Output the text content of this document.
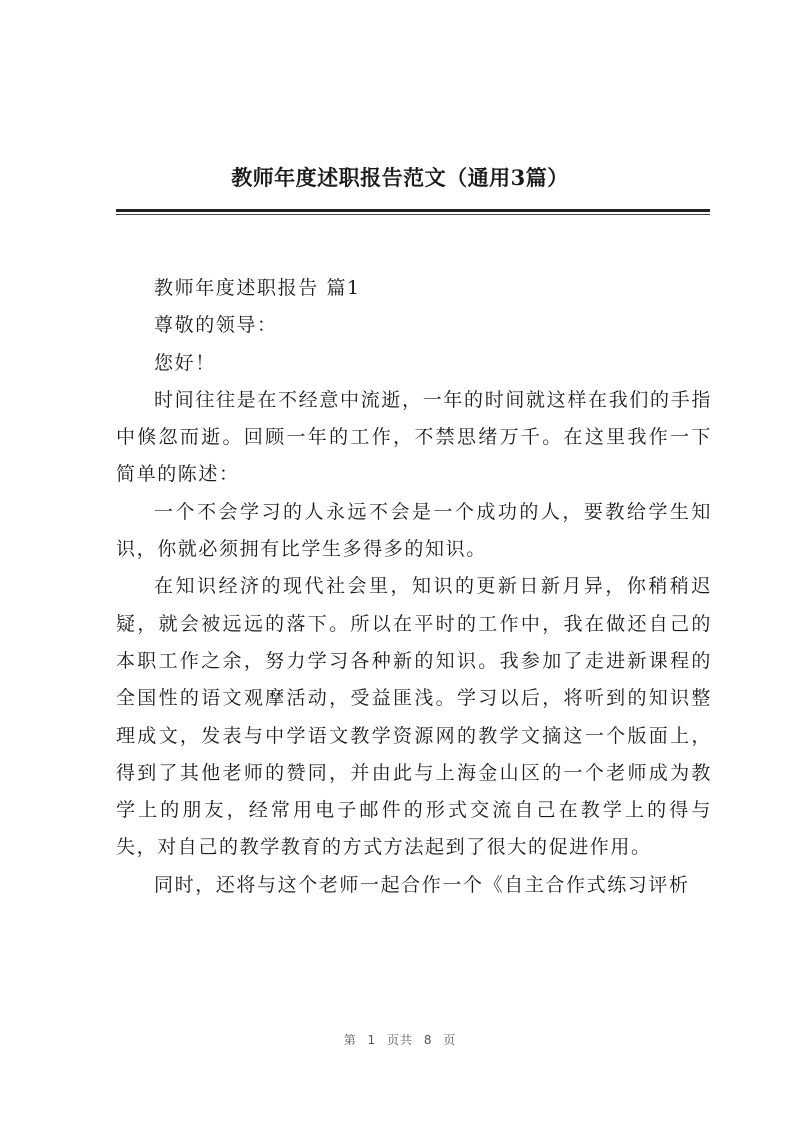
教师年度述职报告范文（通用3篇）

教师年度述职报告 篇1

尊敬的领导：

您好！

时间往往是在不经意中流逝，一年的时间就这样在我们的手指中倏忽而逝。回顾一年的工作，不禁思绪万千。在这里我作一下简单的陈述：

一个不会学习的人永远不会是一个成功的人，要教给学生知识，你就必须拥有比学生多得多的知识。

在知识经济的现代社会里，知识的更新日新月异，你稍稍迟疑，就会被远远的落下。所以在平时的工作中，我在做还自己的本职工作之余，努力学习各种新的知识。我参加了走进新课程的全国性的语文观摩活动，受益匪浅。学习以后，将听到的知识整理成文，发表与中学语文教学资源网的教学文摘这一个版面上，得到了其他老师的赞同，并由此与上海金山区的一个老师成为教学上的朋友，经常用电子邮件的形式交流自己在教学上的得与失，对自己的教学教育的方式方法起到了很大的促进作用。

同时，还将与这个老师一起合作一个《自主合作式练习评析

第 1 页共 8 页
